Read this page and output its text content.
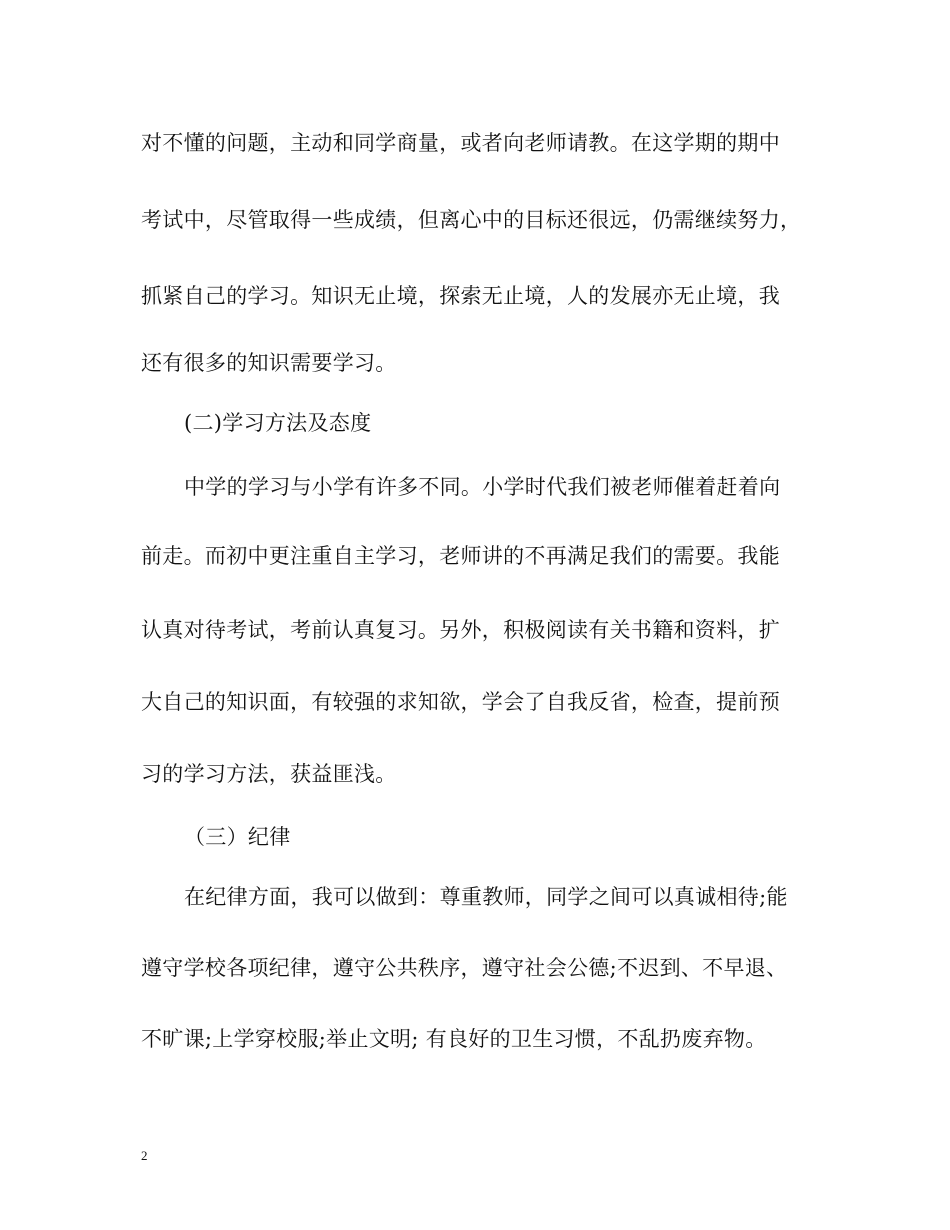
对不懂的问题，主动和同学商量，或者向老师请教。在这学期的期中
考试中，尽管取得一些成绩，但离心中的目标还很远，仍需继续努力，
抓紧自己的学习。知识无止境，探索无止境，人的发展亦无止境，我
还有很多的知识需要学习。
(二)学习方法及态度
中学的学习与小学有许多不同。小学时代我们被老师催着赶着向
前走。而初中更注重自主学习，老师讲的不再满足我们的需要。我能
认真对待考试，考前认真复习。另外，积极阅读有关书籍和资料，扩
大自己的知识面，有较强的求知欲，学会了自我反省，检查，提前预
习的学习方法，获益匪浅。
（三）纪律
在纪律方面，我可以做到：尊重教师，同学之间可以真诚相待;能
遵守学校各项纪律，遵守公共秩序，遵守社会公德;不迟到、不早退、
不旷课;上学穿校服;举止文明; 有良好的卫生习惯，不乱扔废弃物。
2
